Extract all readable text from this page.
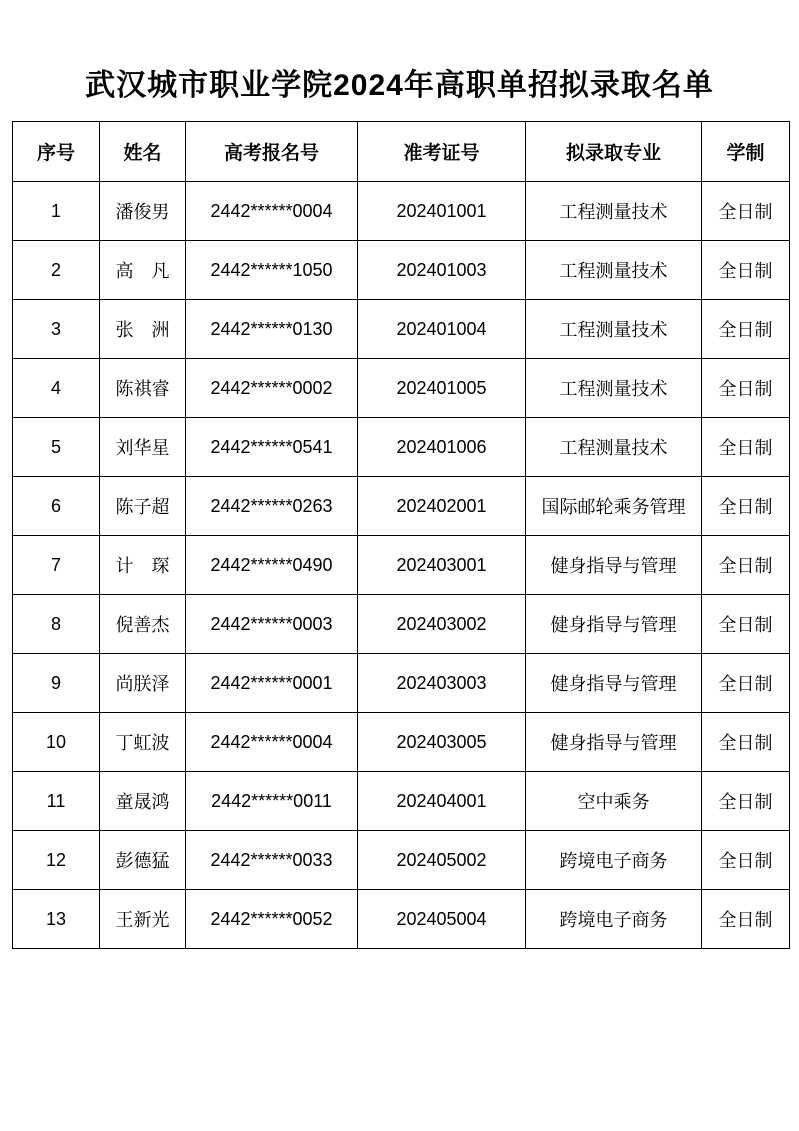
武汉城市职业学院2024年高职单招拟录取名单
序号	姓名	高考报名号	准考证号	拟录取专业	学制
1	潘俊男	2442******0004	202401001	工程测量技术	全日制
2	高　凡	2442******1050	202401003	工程测量技术	全日制
3	张　洲	2442******0130	202401004	工程测量技术	全日制
4	陈祺睿	2442******0002	202401005	工程测量技术	全日制
5	刘华星	2442******0541	202401006	工程测量技术	全日制
6	陈子超	2442******0263	202402001	国际邮轮乘务管理	全日制
7	计　琛	2442******0490	202403001	健身指导与管理	全日制
8	倪善杰	2442******0003	202403002	健身指导与管理	全日制
9	尚朕泽	2442******0001	202403003	健身指导与管理	全日制
10	丁虹波	2442******0004	202403005	健身指导与管理	全日制
11	童晟鸿	2442******0011	202404001	空中乘务	全日制
12	彭德猛	2442******0033	202405002	跨境电子商务	全日制
13	王新光	2442******0052	202405004	跨境电子商务	全日制
